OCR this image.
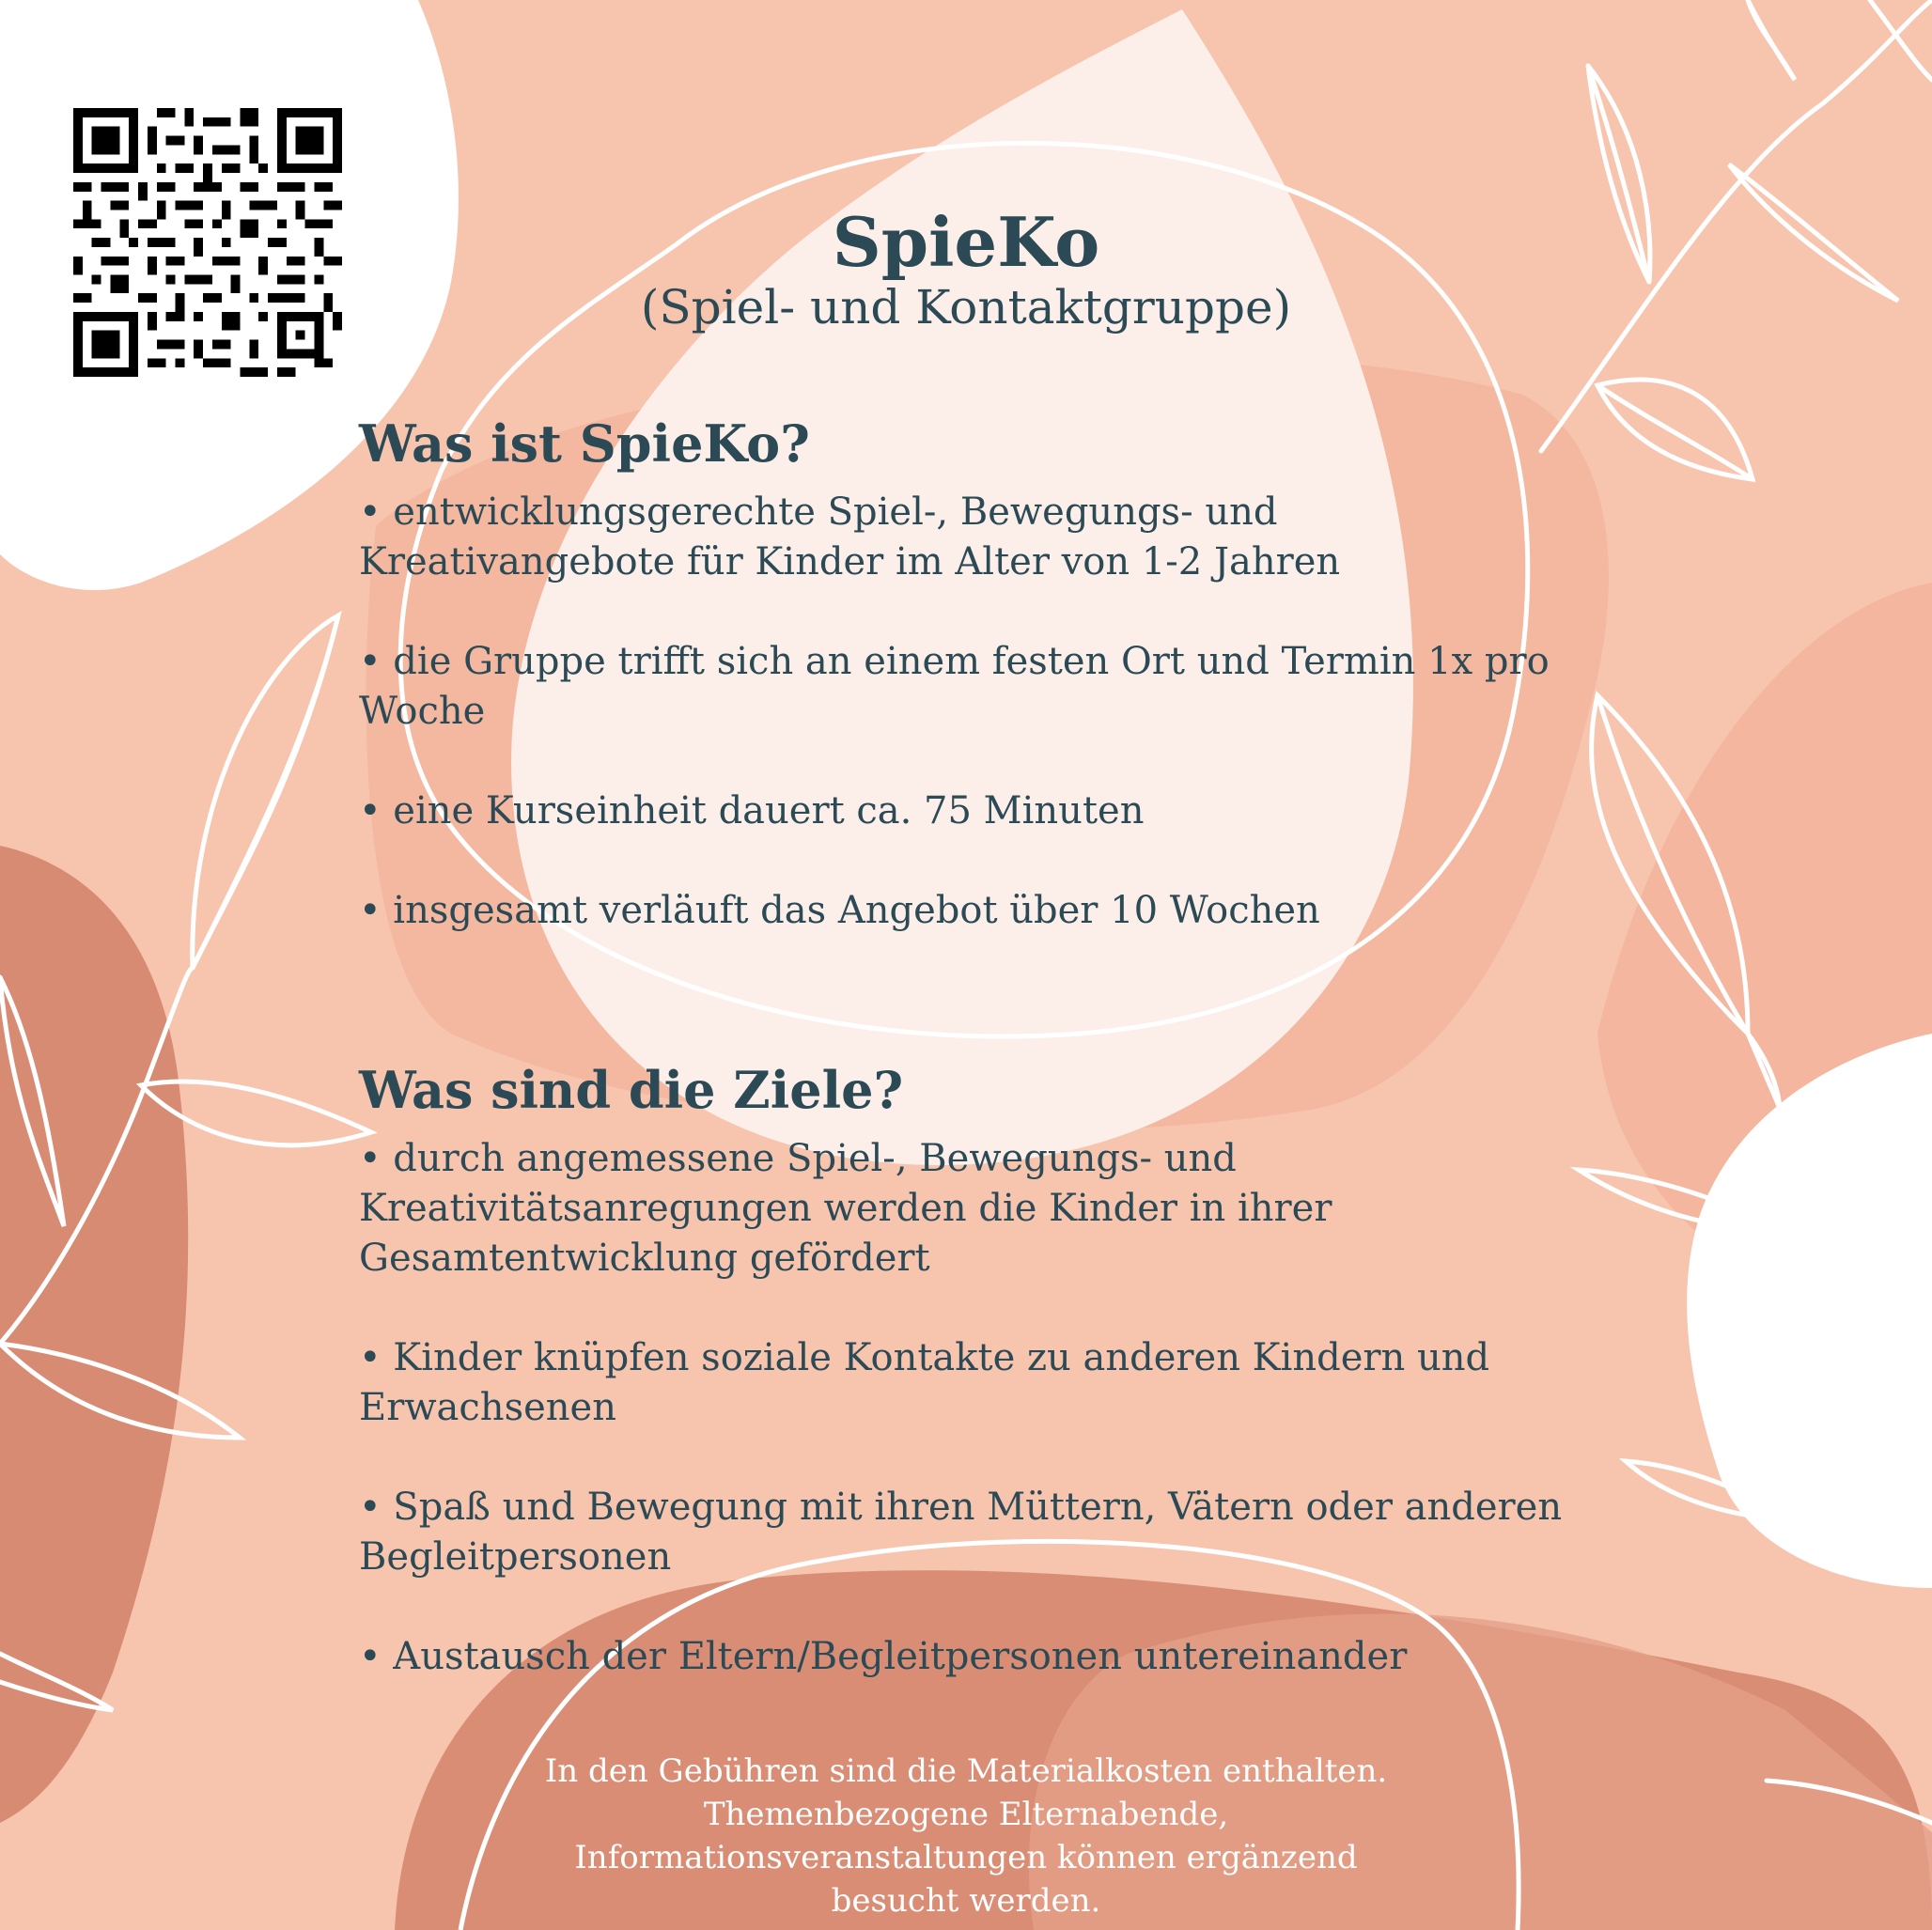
SpieKo
(Spiel- und Kontaktgruppe)
Was ist SpieKo?

• entwicklungsgerechte Spiel-, Bewegungs- und Kreativangebote für Kinder im Alter von 1-2 Jahren

• die Gruppe trifft sich an einem festen Ort und Termin 1x pro Woche

• eine Kurseinheit dauert ca. 75 Minuten

• insgesamt verläuft das Angebot über 10 Wochen

Was sind die Ziele?

• durch angemessene Spiel-, Bewegungs- und Kreativitätsanregungen werden die Kinder in ihrer Gesamtentwicklung gefördert

• Kinder knüpfen soziale Kontakte zu anderen Kindern und Erwachsenen

• Spaß und Bewegung mit ihren Müttern, Vätern oder anderen Begleitpersonen

• Austausch der Eltern/Begleitpersonen untereinander

In den Gebühren sind die Materialkosten enthalten.
Themenbezogene Elternabende,
Informationsveranstaltungen können ergänzend
besucht werden.
